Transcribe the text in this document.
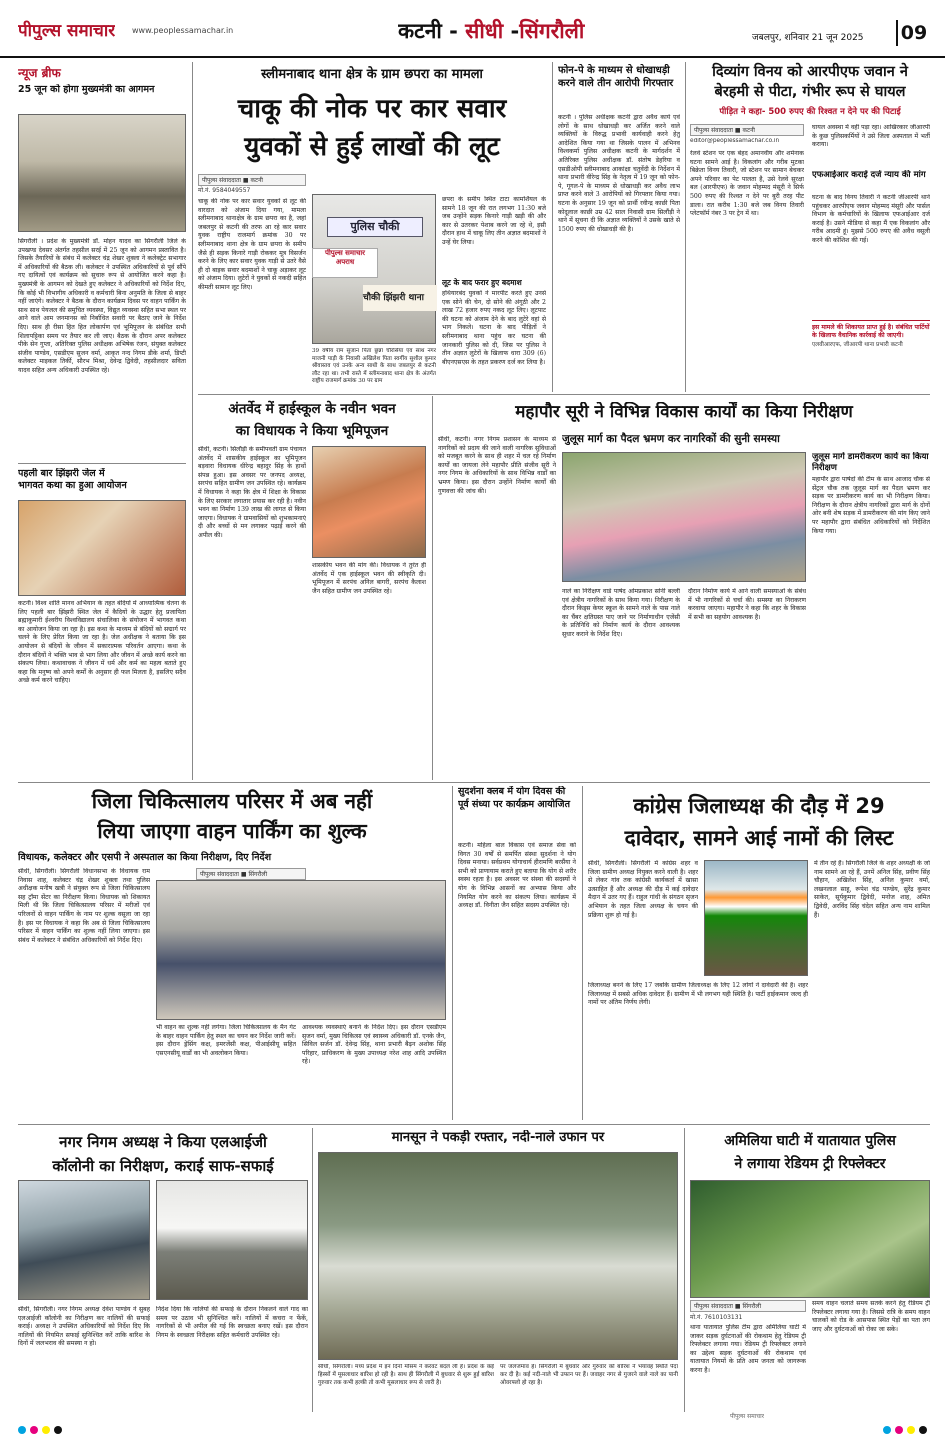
पीपुल्स समाचार www.peoplessamachar.in	कटनी - सीधी -सिंगरौली	जबलपुर, शनिवार 21 जून 2025 09
न्यूज ब्रीफ
25 जून को होगा मुख्यमंत्री का आगमन
सिंगरौली । प्रदेश के मुख्यमंत्री डॉ. मोहन यादव का सिंगरौली जिले के उपखण्ड देवसर अंतर्गत तहसील सरई में 25 जून को आगमन प्रस्तावित है। जिसके तैयारियों के संबंध में कलेक्टर चंद्र शेखर शुक्ला ने कलेक्ट्रेट सभागार में अधिकारियों की बैठक ली। कलेक्टर ने उपस्थित अधिकारियों से पूर्व सौंपे गए दायित्वों एवं कार्यक्रम को सुचारु रूप से आयोजित करने कहा है। मुख्यमंत्री के आगमन को देखते हुए कलेक्टर ने अधिकारियों को निर्देश दिए, कि कोई भी विभागीय अधिकारी व कर्मचारी बिना अनुमति के जिला से बाहर नहीं जाएंगे। कलेक्टर ने बैठक के दौरान कार्यक्रम दिवस पर वाहन पार्किंग के साथ साथ पेयजल की समुचित व्यवस्था, विद्युत व्यवस्था सहित सभा स्थल पर आने वाले आम जनमानस को निर्बाधित सवारी पर बैठाए जाने के निर्देश दिए। साथ ही रीसा हित हित लोकार्पण एवं भूमिपूजन के संबंधित सभी शिलापट्टिका समय पर तैयार कर ली जाए। बैठक के दौरान अपर कलेक्टर पीके सेन गुप्ता, अतिरिक्त पुलिस अधीक्षक अभिषेक रंजन, संयुक्त कलेक्टर संजीव पाण्डेय, एसडीएम सुजन वर्मा, आकृत नन्द निगम डीके शर्मा, डिप्टी कलेक्टर माइकल तिर्की, सौरभ मिश्रा, देवेन्द्र द्विवेदी, तहसीलदार सविता यादव सहित अन्य अधिकारी उपस्थित रहे।
पहली बार झिंझरी जेल में
भागवत कथा का हुआ आयोजन
कटनी। विश्व शांति मानव अभियान के तहत बंदियों में आध्यात्मिक चेतना के लिए पहली बार झिंझरी स्थित जेल में कैदियों के उद्धार हेतु प्रजापिता ब्रह्माकुमारी ईश्वरीय विश्वविद्यालय संचालिका के संयोजन में भागवत कथा का आयोजन किया जा रहा है। इस कथा के माध्यम से बंदियों को सद्मार्ग पर चलने के लिए प्रेरित किया जा रहा है। जेल अधीक्षक ने बताया कि इस आयोजन से बंदियों के जीवन में सकारात्मक परिवर्तन आएगा। कथा के दौरान बंदियों ने भक्ति भाव से भाग लिया और जीवन में अच्छे कार्य करने का संकल्प लिया। कथावाचक ने जीवन में धर्म और कर्म का महत्व बताते हुए कहा कि मनुष्य को अपने कर्मों के अनुसार ही फल मिलता है, इसलिए सदैव अच्छे कर्म करने चाहिए।
स्लीमनाबाद थाना क्षेत्र के ग्राम छपरा का मामला
चाकू की नोक पर कार सवार
युवकों से हुई लाखों की लूट
पीपुल्स संवाददाता ■ कटनी
मो.नं. 9584049557
चाकू की नोक पर कार सवार युवकों से लूट की वारदात को अंजाम दिया गया, मामला स्लीमनाबाद थानाक्षेत्र के ग्राम छपरा का है, जहां जबलपुर से कटनी की तरफ आ रहे कार सवार युवक राष्ट्रीय राजमार्ग क्रमांक 30 पर स्लीमनाबाद थाना क्षेत्र के ग्राम छपरा के समीप जैसे ही सड़क किनारे गाड़ी रोककर मूत्र विसर्जन करने के लिए कार सवार युवक गाड़ी से उतरे वैसे ही दो बाइक सवार बदमाशों ने चाकू अड़ाकर लूट को अंजाम दिया। लुटेरों ने युवकों से नकदी सहित कीमती सामान लूट लिए।
पुलिस चौकी
चौकी झिंझरी थाना
पीपुल्स समाचार
अपराध
39 वर्षीय राम सुजान पिता छुन्ना चौरसिया एवं साथ नगर माजनी पाड़ी के निवासी अखिलेश पिता स्वर्गीय सुशील कुमार श्रीवास्तव एवं उनके अन्य साथी के साथ जबलपुर से कटनी लौट रहा था। तभी रास्ते में स्लीमनाबाद थाना क्षेत्र के अंतर्गत राष्ट्रीय राजमार्ग क्रमांक 30 पर ग्राम
छपरा के समीप स्थित टाटा कामर्शियल के सामने 18 जून की रात लगभग 11:30 बजे जब उन्होंने सड़क किनारे गाड़ी खड़ी की और कार से उतरकर पेशाब करने जा रहे थे, इसी दौरान हाथ में चाकू लिए तीन अज्ञात बदमाशों ने उन्हें घेर लिया।
लूट के बाद फरार हुए बदमाश
हथियारबंद युवकों ने मारपीट करते हुए उनसे एक सोने की चेन, दो सोने की अंगूठी और 2 लाख 72 हजार रुपए नकद लूट लिए। लूटपाट की घटना को अंजाम देने के बाद लुटेरे वहां से भाग निकले। घटना के बाद पीड़ितों ने स्लीमनाबाद थाना पहुंच कर घटना की जानकारी पुलिस को दी, जिस पर पुलिस ने तीन अज्ञात लुटेरों के खिलाफ धारा 309 (6) बीएनएसएस के तहत प्रकरण दर्ज कर लिया है।
फोन-पे के माध्यम से धोखाधड़ी करने वाले तीन आरोपी गिरफ्तार
कटनी । पुलिस अधीक्षक कटनी द्वारा अवैध कार्य एवं लोगों के साथ धोखाधड़ी कर अर्जित करने वाले व्यक्तियों के विरुद्ध प्रभावी कार्यवाही करने हेतु आदेशित किया गया था जिसके पालन में अभिनव विश्वकर्मा पुलिस अधीक्षक कटनी के मार्गदर्शन में अतिरिक्त पुलिस अधीक्षक डॉ. संतोष डेहरिया व एसडीओपी स्लीमनाबाद आकांक्षा चतुर्वेदी के निर्देशन में थाना प्रभारी वीरेन्द्र सिंह के नेतृत्व में 19 जून को फोन-पे, गूगल-पे के माध्यम से धोखाधड़ी कर अवैध लाभ प्राप्त करने वाले 3 आरोपियों को गिरफ्तार किया गया। घटना के अनुसार 19 जून को प्रार्थी रवीन्द्र काछी पिता कोदूलाल काछी उम्र 42 साल निवासी ग्राम सिलौंड़ी ने थाने में सूचना दी कि अज्ञात व्यक्तियों ने उसके खाते से 1500 रुपए की धोखाधड़ी की है।
दिव्यांग विनय को आरपीएफ जवान ने
बेरहमी से पीटा, गंभीर रूप से घायल
पीड़ित ने कहा- 500 रुपए की रिश्वत न देने पर की पिटाई
पीपुल्स संवाददाता ■ कटनी
editor@peoplessamachar.co.in
रेलवे स्टेशन पर एक बेहद अमानवीय और शर्मनाक घटना सामने आई है। विकलांग और गरीब मुटका बिक्रेता विनय तिवारी, जो स्टेशन पर सामान बेचकर अपने परिवार का पेट पालता है, उसे रेलवे सुरक्षा बल (आरपीएफ) के जवान मोहम्मद मंसूरी ने सिर्फ 500 रुपए की रिश्वत न देने पर बुरी तरह पीट डाला। रात करीब 1:30 बजे जब विनय तिवारी प्लेटफॉर्म नंबर 3 पर ट्रेन में था।
घायल अवस्था में वहीं पड़ा रहा। आखिरकार जीआरपी के कुछ पुलिसकर्मियों ने उसे जिला अस्पताल में भर्ती कराया।
एफआईआर कराई दर्ज न्याय की मांग
घटना के बाद विनय तिवारी ने कटनी जीआरपी थाने पहुंचकर आरपीएफ जवान मोहम्मद मंसूरी और पार्सल विभाग के कर्मचारियों के खिलाफ एफआईआर दर्ज कराई है। उसने मीडिया से कहा मैं एक विकलांग और गरीब आदमी हूं। मुझसे 500 रुपए की अवैध वसूली करने की कोशिश की गई।
इस मामले की शिकायत प्राप्त हुई है। संबंधित पार्टियों के खिलाफ वैधानिक कार्रवाई की जाएगी।
एलवीआरएफ, जीआरपी थाना प्रभारी कटनी
अंतर्वेद में हाईस्कूल के नवीन भवन
का विधायक ने किया भूमिपूजन
सीधी, कटनी। सिलौंड़ी के समीपवर्ती ग्राम पंचायत अंतर्वेद में शासकीय हाईस्कूल का भूमिपूजन बड़वारा विधायक धीरेन्द्र बहादुर सिंह के हाथों संपन्न हुआ। इस अवसर पर जनपद अध्यक्ष, सरपंच सहित ग्रामीण जन उपस्थित रहे। कार्यक्रम में विधायक ने कहा कि क्षेत्र में शिक्षा के विकास के लिए सरकार लगातार प्रयास कर रही है। नवीन भवन का निर्माण 139 लाख की लागत से किया जाएगा। विधायक ने ग्रामवासियों को शुभकामनाएं दी और बच्चों से मन लगाकर पढ़ाई करने की अपील की।
शासकीय भवन की मांग की। विधायक ने तुरंत ही अंतर्वेद में एक हाईस्कूल भवन की स्वीकृति दी। भूमिपूजन में सरपंच अनिल बागरी, सरपंच कैलाश जैन सहित ग्रामीण जन उपस्थित रहे।
महापौर सूरी ने विभिन्न विकास कार्यों का किया निरीक्षण
जुलूस मार्ग का पैदल भ्रमण कर नागरिकों की सुनी समस्या
सीधी, कटनी। नगर निगम प्रशासन के माध्यम से नागरिकों को प्रदाय की जाने वाली नागरिक सुविधाओं को मजबूत करने के साथ ही शहर में चल रहे निर्माण कार्यों का जायजा लेने महापौर प्रीति संजीव सूरी ने नगर निगम के अधिकारियों के साथ विभिन्न वार्डों का भ्रमण किया। इस दौरान उन्होंने निर्माण कार्यों की गुणवत्ता की जांच की।
नाले का निरीक्षण वार्ड पार्षद ओमप्रकाश सोनी बल्ली एवं क्षेत्रीय नागरिकों के साथ किया गया। निरीक्षण के दौरान किड्स केयर स्कूल के सामने नाले के पास नाले का चैंबर क्षतिग्रस्त पाए जाने पर निर्माणाधीन एजेंसी के प्रतिनिधि को निर्माण कार्य के दौरान आवश्यक सुधार कराने के निर्देश दिए।
दौरान निर्माण कार्य में आने वाली समस्याओं के संबंध में भी नागरिकों से चर्चा की। समस्या का निराकरण करवाया जाएगा। महापौर ने कहा कि शहर के विकास में सभी का सहयोग आवश्यक है।
जुलूस मार्ग डामरीकरण कार्य का किया निरीक्षण
महापौर द्वारा पार्षदों की टीम के साथ आजाद चौक से सेंट्रल चौक तक जुलूस मार्ग का पैदल भ्रमण कर सड़क पर डामरीकरण कार्य का भी निरीक्षण किया। निरीक्षण के दौरान क्षेत्रीय नागरिकों द्वारा मार्ग के दोनों ओर बनी शेष सड़क में डामरीकरण की मांग किए जाने पर महापौर द्वारा संबंधित अधिकारियों को निर्देशित किया गया।
जिला चिकित्सालय परिसर में अब नहीं
लिया जाएगा वाहन पार्किंग का शुल्क
विधायक, कलेक्टर और एसपी ने अस्पताल का किया निरीक्षण, दिए निर्देश
सीधी, सिंगरौली। सिंगरौली विधानसभा के विधायक राम निवास शाह, कलेक्टर चंद्र शेखर शुक्ला तथा पुलिस अधीक्षक मनीष खत्री ने संयुक्त रूप से जिला चिकित्सालय सह ट्रॉमा सेंटर का निरीक्षण किया। विधायक को शिकायत मिली थी कि जिला चिकित्सालय परिसर में मरीजों एवं परिजनों से वाहन पार्किंग के नाम पर शुल्क वसूला जा रहा है। इस पर विधायक ने कहा कि अब से जिला चिकित्सालय परिसर में वाहन पार्किंग का शुल्क नहीं लिया जाएगा। इस संबंध में कलेक्टर ने संबंधित अधिकारियों को निर्देश दिए।
पीपुल्स संवाददाता ■ सिंगरौली
भी वाहन का शुल्क नहीं लगेगा। जिला चिकित्सालय के मैन गेट के बाहर वाहन पार्किंग हेतु स्थल का चयन कर निर्देश जारी करें। इस दौरान ड्रेसिंग कक्ष, इमरजेंसी कक्ष, पीआईसीयू सहित एसएनसीयू वार्डों का भी अवलोकन किया।
आवश्यक व्यवस्थाएं बनाने के निर्देश दिए। इस दौरान एसडीएम सृजन वर्मा, मुख्य चिकित्सा एवं स्वास्थ्य अधिकारी डॉ. एनके जैन, सिविल सर्जन डॉ. देवेन्द्र सिंह, थाना प्रभारी बैढ़न अशोक सिंह परिहार, प्राधिकरण के मुख्य उपाध्यक्ष नरेश शाह आदि उपस्थित रहे।
सुदर्शना क्लब में योग दिवस की पूर्व संध्या पर कार्यक्रम आयोजित
कटनी। महिला बाल विकास एवं समाज सेवा को विगत 30 वर्षों से समर्पित संस्था सुदर्शना ने योग दिवस मनाया। सर्वप्रथम योगाचार्य हीरामणि बरसैंया ने सभी को प्राणायाम कराते हुए बताया कि योग से शरीर स्वस्थ रहता है। इस अवसर पर संस्था की सदस्यों ने योग के विभिन्न आसनों का अभ्यास किया और नियमित योग करने का संकल्प लिया। कार्यक्रम में अध्यक्ष डॉ. विनीता जैन सहित सदस्य उपस्थित रहे।
कांग्रेस जिलाध्यक्ष की दौड़ में 29
दावेदार, सामने आई नामों की लिस्ट
सीधी, सिंगरौली। सिंगरौली में कांग्रेस शहर व जिला ग्रामीण अध्यक्ष नियुक्त करने वाली है। शहर से लेकर गांव तक कांग्रेसी कार्यकर्ता में खासा उत्साहित हैं और अध्यक्ष की दौड़ में कई दावेदार मैदान में उतर गए हैं। राहुल गांधी के संगठन सृजन अभियान के तहत जिला अध्यक्ष के चयन की प्रक्रिया शुरू हो गई है।
में तीन रहे हैं। सिंगरौली जिले के शहर अध्यक्षी के जो नाम सामने आ रहे हैं, उनमें अनिल सिंह, प्रवीण सिंह चौहान, अखिलेश सिंह, अनिल कुमार वर्मा, लखनलाल साहू, रूपेश चंद्र पाण्डेय, सुरेंद्र कुमार साकेत, सूर्यकुमार द्विवेदी, मनोज शाह, अमित द्विवेदी, अरविंद सिंह चंदेल सहित अन्य नाम शामिल हैं।
जिलाध्यक्ष बनने के लिए 17 जबकि ग्रामीण जिलाध्यक्ष के लिए 12 लोगों ने दावेदारी की है। शहर जिलाध्यक्ष में सबसे अधिक दावेदार हैं। ग्रामीण में भी लगभग यही स्थिति है। पार्टी हाईकमान जल्द ही नामों पर अंतिम निर्णय लेगी।
नगर निगम अध्यक्ष ने किया एलआईजी
कॉलोनी का निरीक्षण, कराई साफ-सफाई
सीधी, सिंगरौली। नगर निगम अध्यक्ष देवेश पाण्डेय ने सुबह एलआईजी कॉलोनी का निरीक्षण कर नालियों की सफाई कराई। अध्यक्ष ने उपस्थित अधिकारियों को निर्देश दिए कि नालियों की नियमित सफाई सुनिश्चित करें ताकि बारिश के दिनों में जलभराव की समस्या न हो।
निर्देश दिया कि नालियों की सफाई के दौरान निकलने वाले गाद का समय पर उठाव भी सुनिश्चित करें। नालियों में कचरा न फेंकें, नागरिकों से भी अपील की गई कि स्वच्छता बनाए रखें। इस दौरान निगम के स्वच्छता निरीक्षक सहित कर्मचारी उपस्थित रहे।
मानसून ने पकड़ी रफ्तार, नदी-नाले उफान पर
सीधी, सिंगरौली। मध्य प्रदेश में इन दिनों मौसम ने करवट बदल ली है। प्रदेश के कई हिस्सों में मूसलाधार बारिश हो रही है। साथ ही सिंगरौली में बुधवार से शुरू हुई बारिश गुरुवार तक कभी हल्की तो कभी मूसलाधार रूप से जारी है।
पर जलजमाव है। सिंगरौली में बुधवार और गुरुवार को बारिश ने भयावह स्थिति पैदा कर दी है। कई नदी-नाले भी उफान पर हैं। जवाहर नगर से गुजरने वाले नाले का पानी ओवरफ्लो हो रहा है।
अमिलिया घाटी में यातायात पुलिस
ने लगाया रेडियम ट्री रिफ्लेक्टर
पीपुल्स संवाददाता ■ सिंगरौली
मो.नं. 7610103131
थाना यातायात पुलिस टीम द्वारा अमिलिया घाटी में जाकर सड़क दुर्घटनाओं की रोकथाम हेतु रेडियम ट्री रिफ्लेक्टर लगाया गया। रेडियम ट्री रिफ्लेक्टर लगाने का उद्देश्य सड़क दुर्घटनाओं की रोकथाम एवं यातायात नियमों के प्रति आम जनता को जागरूक करना है।
समय वाहन चलाते समय सतर्क करने हेतु रेडियम ट्री रिफ्लेक्टर लगाया गया है। जिससे रात्रि के समय वाहन चालकों को रोड के आसपास स्थित पेड़ों का पता लग जाए और दुर्घटनाओं को रोका जा सके।
पीपुल्स समाचार
